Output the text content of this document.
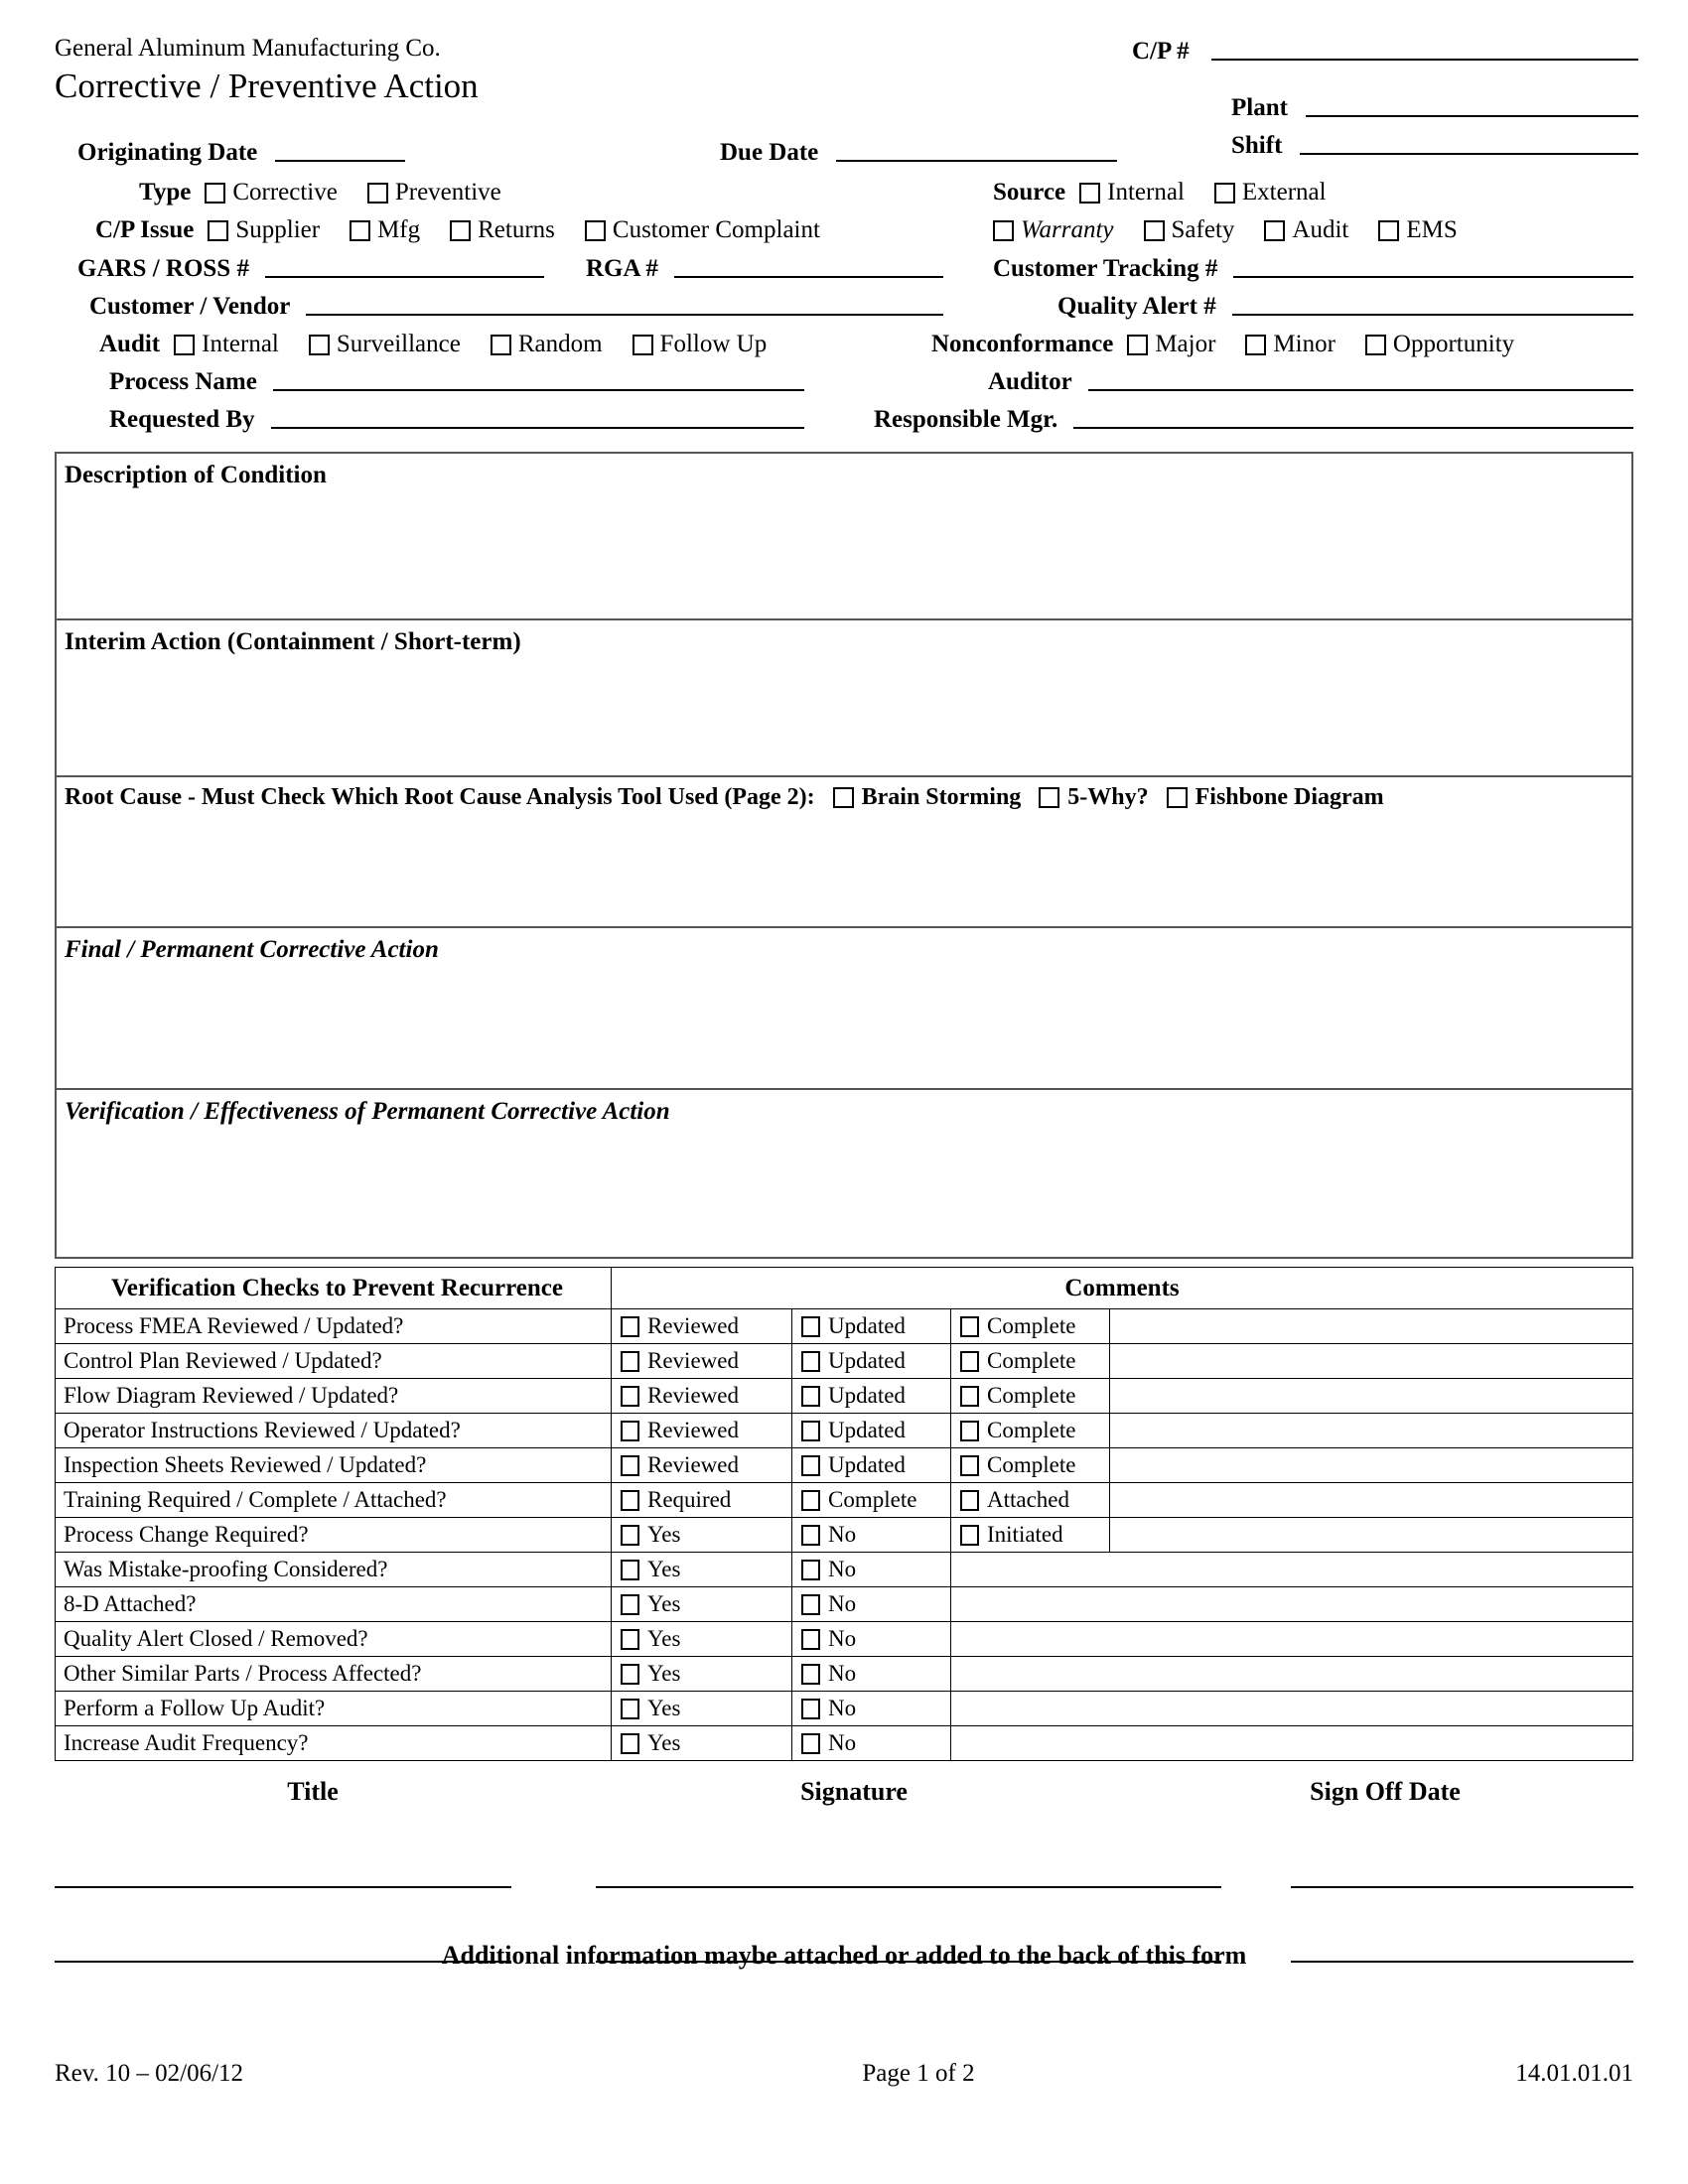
General Aluminum Manufacturing Co.
Corrective / Preventive Action
C/P #
Plant
Shift
Originating Date	Due Date
Type Corrective Preventive	Source Internal External
C/P Issue Supplier Mfg Returns Customer Complaint	Warranty Safety Audit EMS
GARS / ROSS #	RGA #	Customer Tracking #
Customer / Vendor	Quality Alert #
Audit Internal Surveillance Random Follow Up	Nonconformance Major Minor Opportunity
Process Name	Auditor
Requested By	Responsible Mgr.
Description of Condition
Interim Action (Containment / Short-term)
Root Cause - Must Check Which Root Cause Analysis Tool Used (Page 2): Brain Storming 5-Why? Fishbone Diagram
Final / Permanent Corrective Action
Verification / Effectiveness of Permanent Corrective Action
Verification Checks to Prevent Recurrence	Comments			
Process FMEA Reviewed / Updated?	Reviewed	Updated	Complete	
Control Plan Reviewed / Updated?	Reviewed	Updated	Complete	
Flow Diagram Reviewed / Updated?	Reviewed	Updated	Complete	
Operator Instructions Reviewed / Updated?	Reviewed	Updated	Complete	
Inspection Sheets Reviewed / Updated?	Reviewed	Updated	Complete	
Training Required / Complete / Attached?	Required	Complete	Attached	
Process Change Required?	Yes	No	Initiated	
Was Mistake-proofing Considered?	Yes	No		
8-D Attached?	Yes	No		
Quality Alert Closed / Removed?	Yes	No		
Other Similar Parts / Process Affected?	Yes	No		
Perform a Follow Up Audit?	Yes	No		
Increase Audit Frequency?	Yes	No		
Title	Signature	Sign Off Date
Additional information maybe attached or added to the back of this form
Rev. 10 – 02/06/12	Page 1 of 2	14.01.01.01
